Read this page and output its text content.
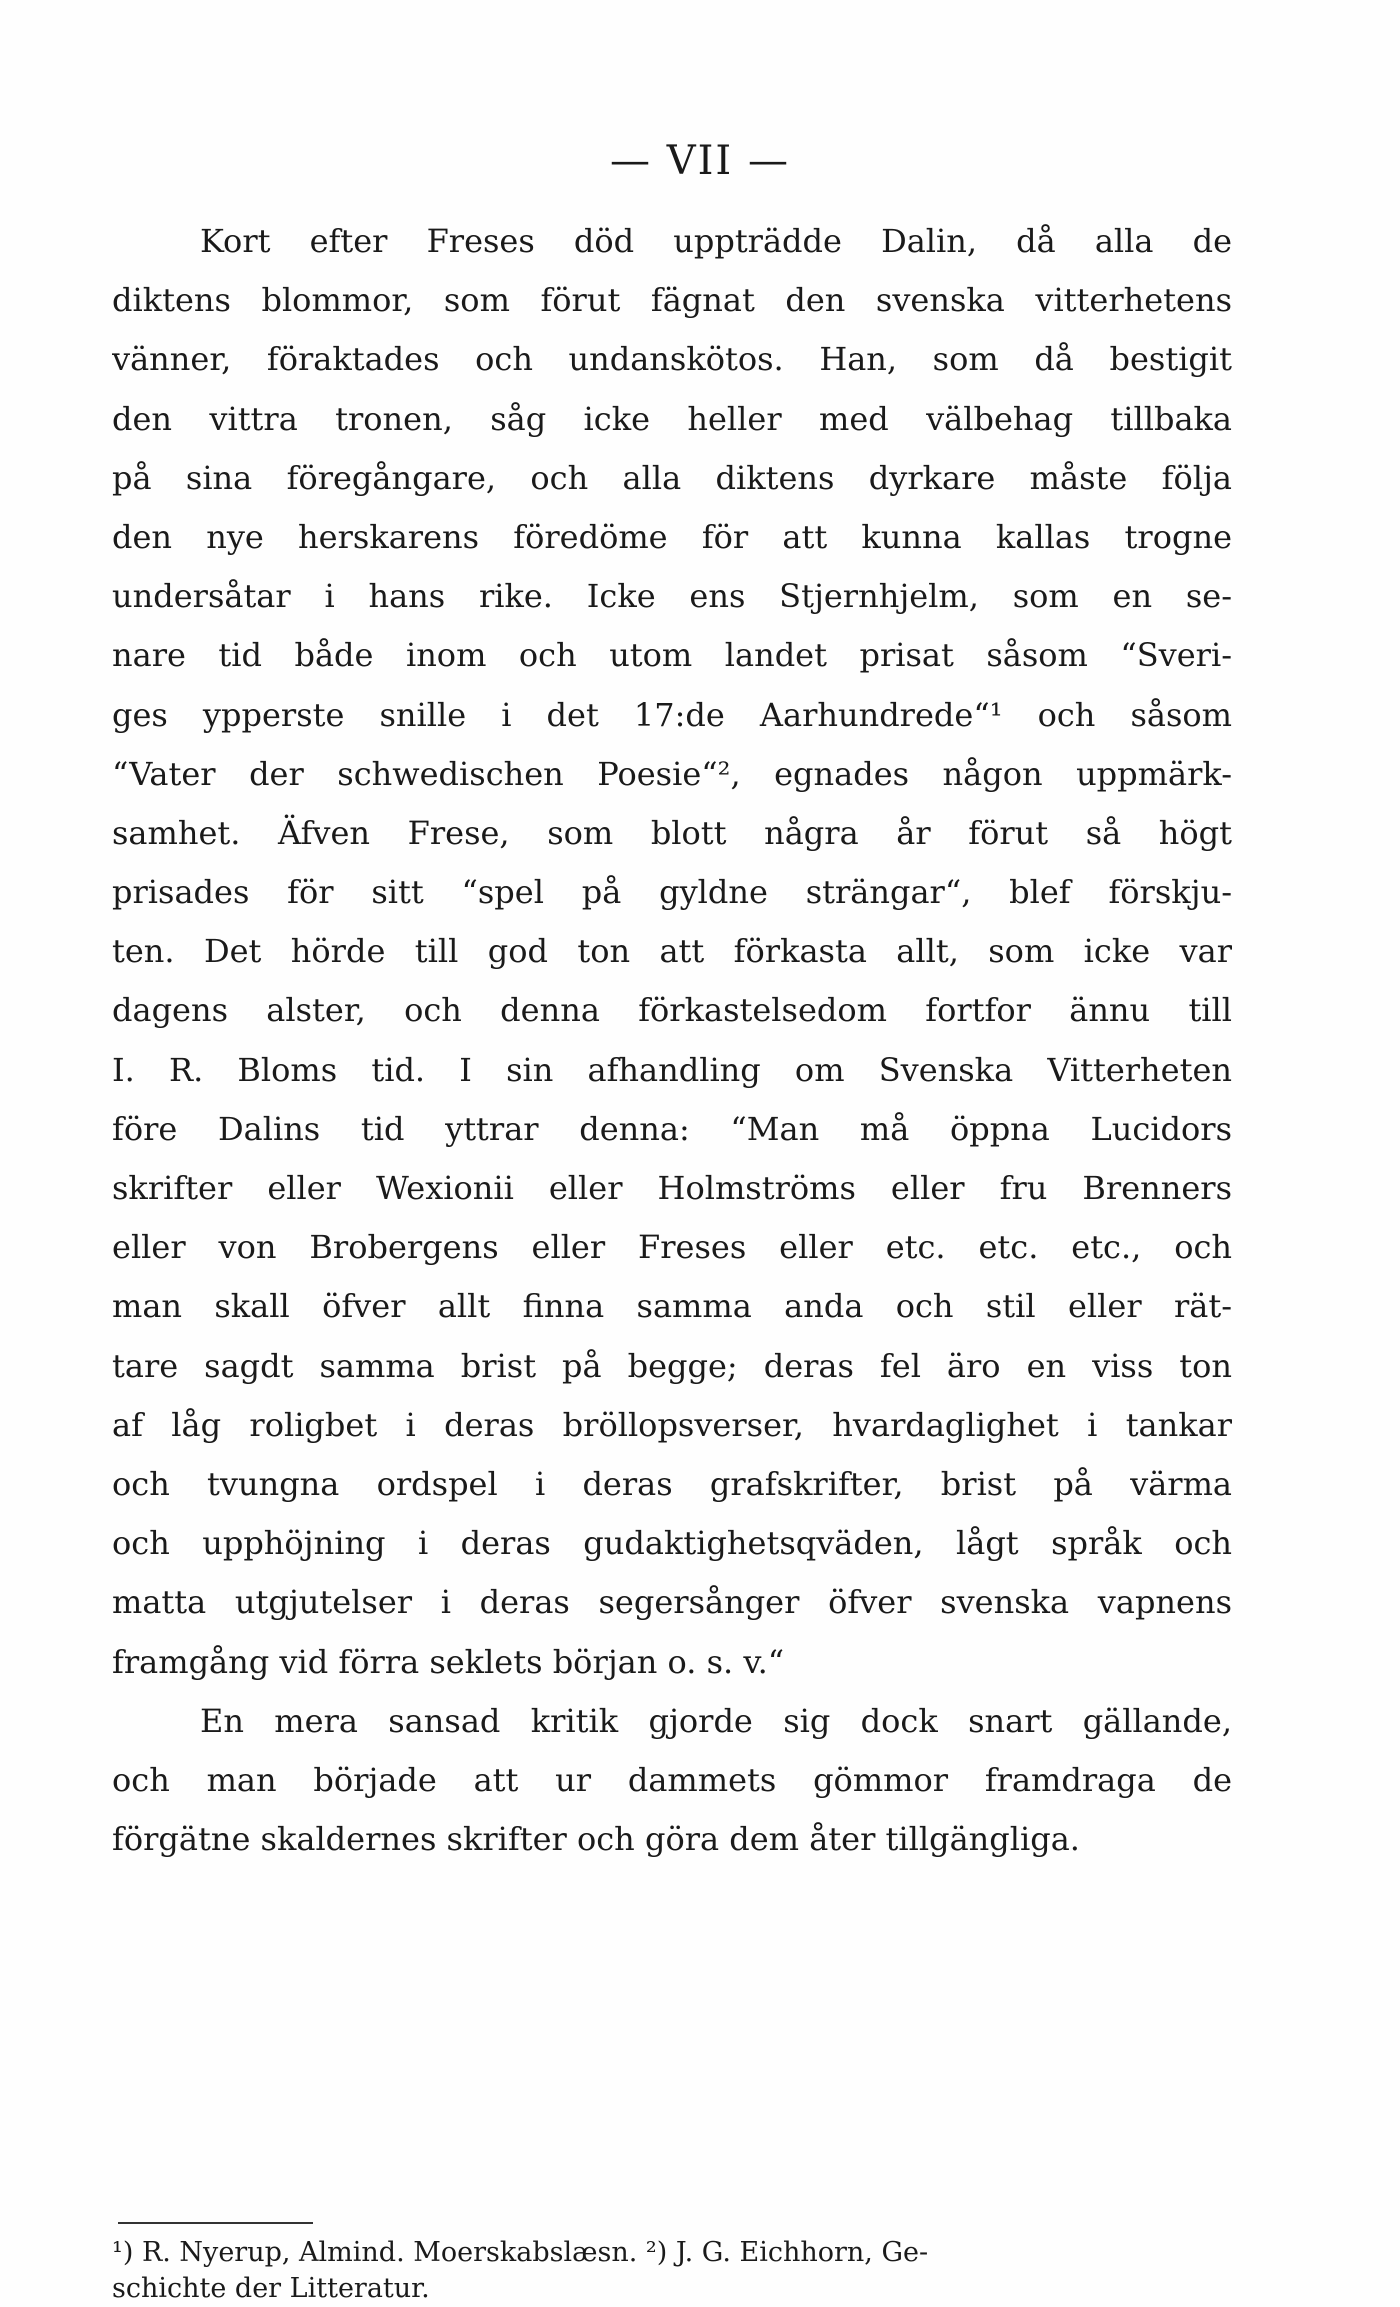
— VII —
Kort efter Freses död uppträdde Dalin, då alla de
diktens blommor, som förut fägnat den svenska vitterhetens
vänner, föraktades och undanskötos. Han, som då bestigit
den vittra tronen, såg icke heller med välbehag tillbaka
på sina föregångare, och alla diktens dyrkare måste följa
den nye herskarens föredöme för att kunna kallas trogne
undersåtar i hans rike. Icke ens Stjernhjelm, som en se-
nare tid både inom och utom landet prisat såsom “Sveri-
ges ypperste snille i det 17:de Aarhundrede“¹ och såsom
“Vater der schwedischen Poesie“², egnades någon uppmärk-
samhet. Äfven Frese, som blott några år förut så högt
prisades för sitt “spel på gyldne strängar“, blef förskju-
ten. Det hörde till god ton att förkasta allt, som icke var
dagens alster, och denna förkastelsedom fortfor ännu till
I. R. Bloms tid. I sin afhandling om Svenska Vitterheten
före Dalins tid yttrar denna: “Man må öppna Lucidors
skrifter eller Wexionii eller Holmströms eller fru Brenners
eller von Brobergens eller Freses eller etc. etc. etc., och
man skall öfver allt finna samma anda och stil eller rät-
tare sagdt samma brist på begge; deras fel äro en viss ton
af låg roligbet i deras bröllopsverser, hvardaglighet i tankar
och tvungna ordspel i deras grafskrifter, brist på värma
och upphöjning i deras gudaktighetsqväden, lågt språk och
matta utgjutelser i deras segersånger öfver svenska vapnens
framgång vid förra seklets början o. s. v.“
En mera sansad kritik gjorde sig dock snart gällande,
och man började att ur dammets gömmor framdraga de
förgätne skaldernes skrifter och göra dem åter tillgängliga.
¹) R. Nyerup, Almind. Moerskabslæsn. ²) J. G. Eichhorn, Ge-
schichte der Litteratur.
